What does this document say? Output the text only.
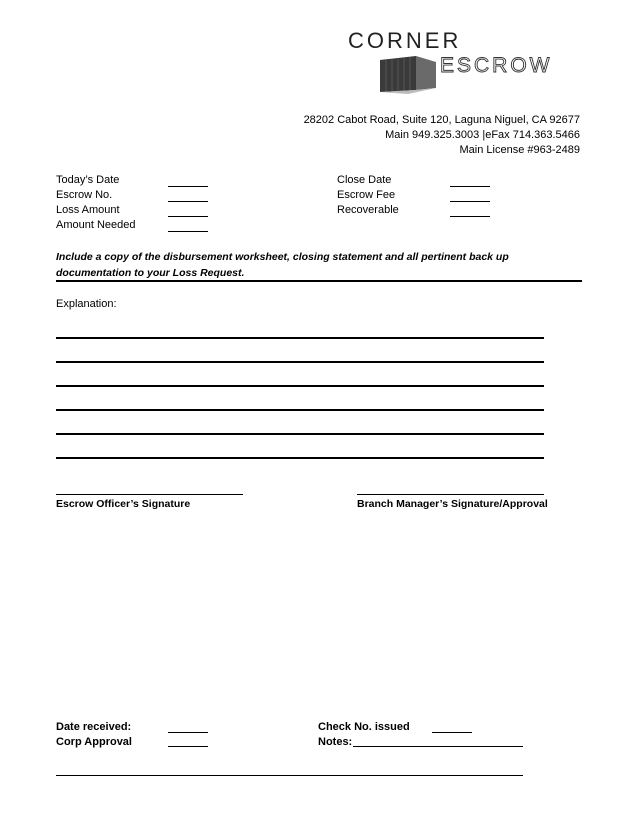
CORNER
ESCROW
28202 Cabot Road, Suite 120, Laguna Niguel, CA 92677
Main 949.325.3003 |eFax 714.363.5466
Main License #963-2489
Today’s Date
Escrow No.
Loss Amount
Amount Needed
Close Date
Escrow Fee
Recoverable
Include a copy of the disbursement worksheet, closing statement and all pertinent back up documentation to your Loss Request.
Explanation:
Escrow Officer’s Signature	Branch Manager’s Signature/Approval
Date received:
Corp Approval
Check No. issued
Notes:
